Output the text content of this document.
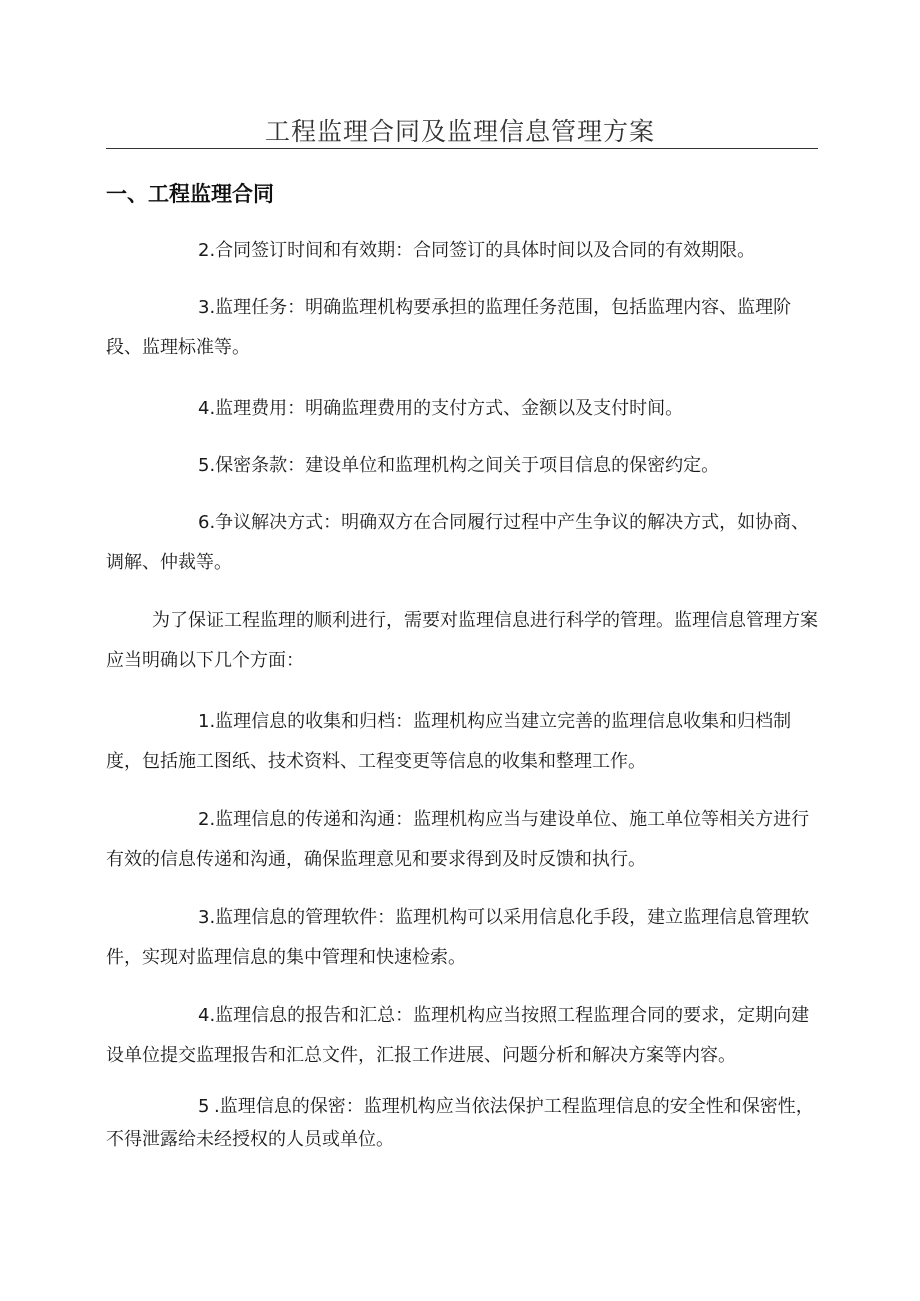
工程监理合同及监理信息管理方案
一、工程监理合同

2.合同签订时间和有效期：合同签订的具体时间以及合同的有效期限。

3.监理任务：明确监理机构要承担的监理任务范围，包括监理内容、监理阶段、监理标准等。

4.监理费用：明确监理费用的支付方式、金额以及支付时间。

5.保密条款：建设单位和监理机构之间关于项目信息的保密约定。

6.争议解决方式：明确双方在合同履行过程中产生争议的解决方式，如协商、调解、仲裁等。

为了保证工程监理的顺利进行，需要对监理信息进行科学的管理。监理信息管理方案应当明确以下几个方面：

1.监理信息的收集和归档：监理机构应当建立完善的监理信息收集和归档制度，包括施工图纸、技术资料、工程变更等信息的收集和整理工作。

2.监理信息的传递和沟通：监理机构应当与建设单位、施工单位等相关方进行有效的信息传递和沟通，确保监理意见和要求得到及时反馈和执行。

3.监理信息的管理软件：监理机构可以采用信息化手段，建立监理信息管理软件，实现对监理信息的集中管理和快速检索。

4.监理信息的报告和汇总：监理机构应当按照工程监理合同的要求，定期向建设单位提交监理报告和汇总文件，汇报工作进展、问题分析和解决方案等内容。

5 .监理信息的保密：监理机构应当依法保护工程监理信息的安全性和保密性，不得泄露给未经授权的人员或单位。
